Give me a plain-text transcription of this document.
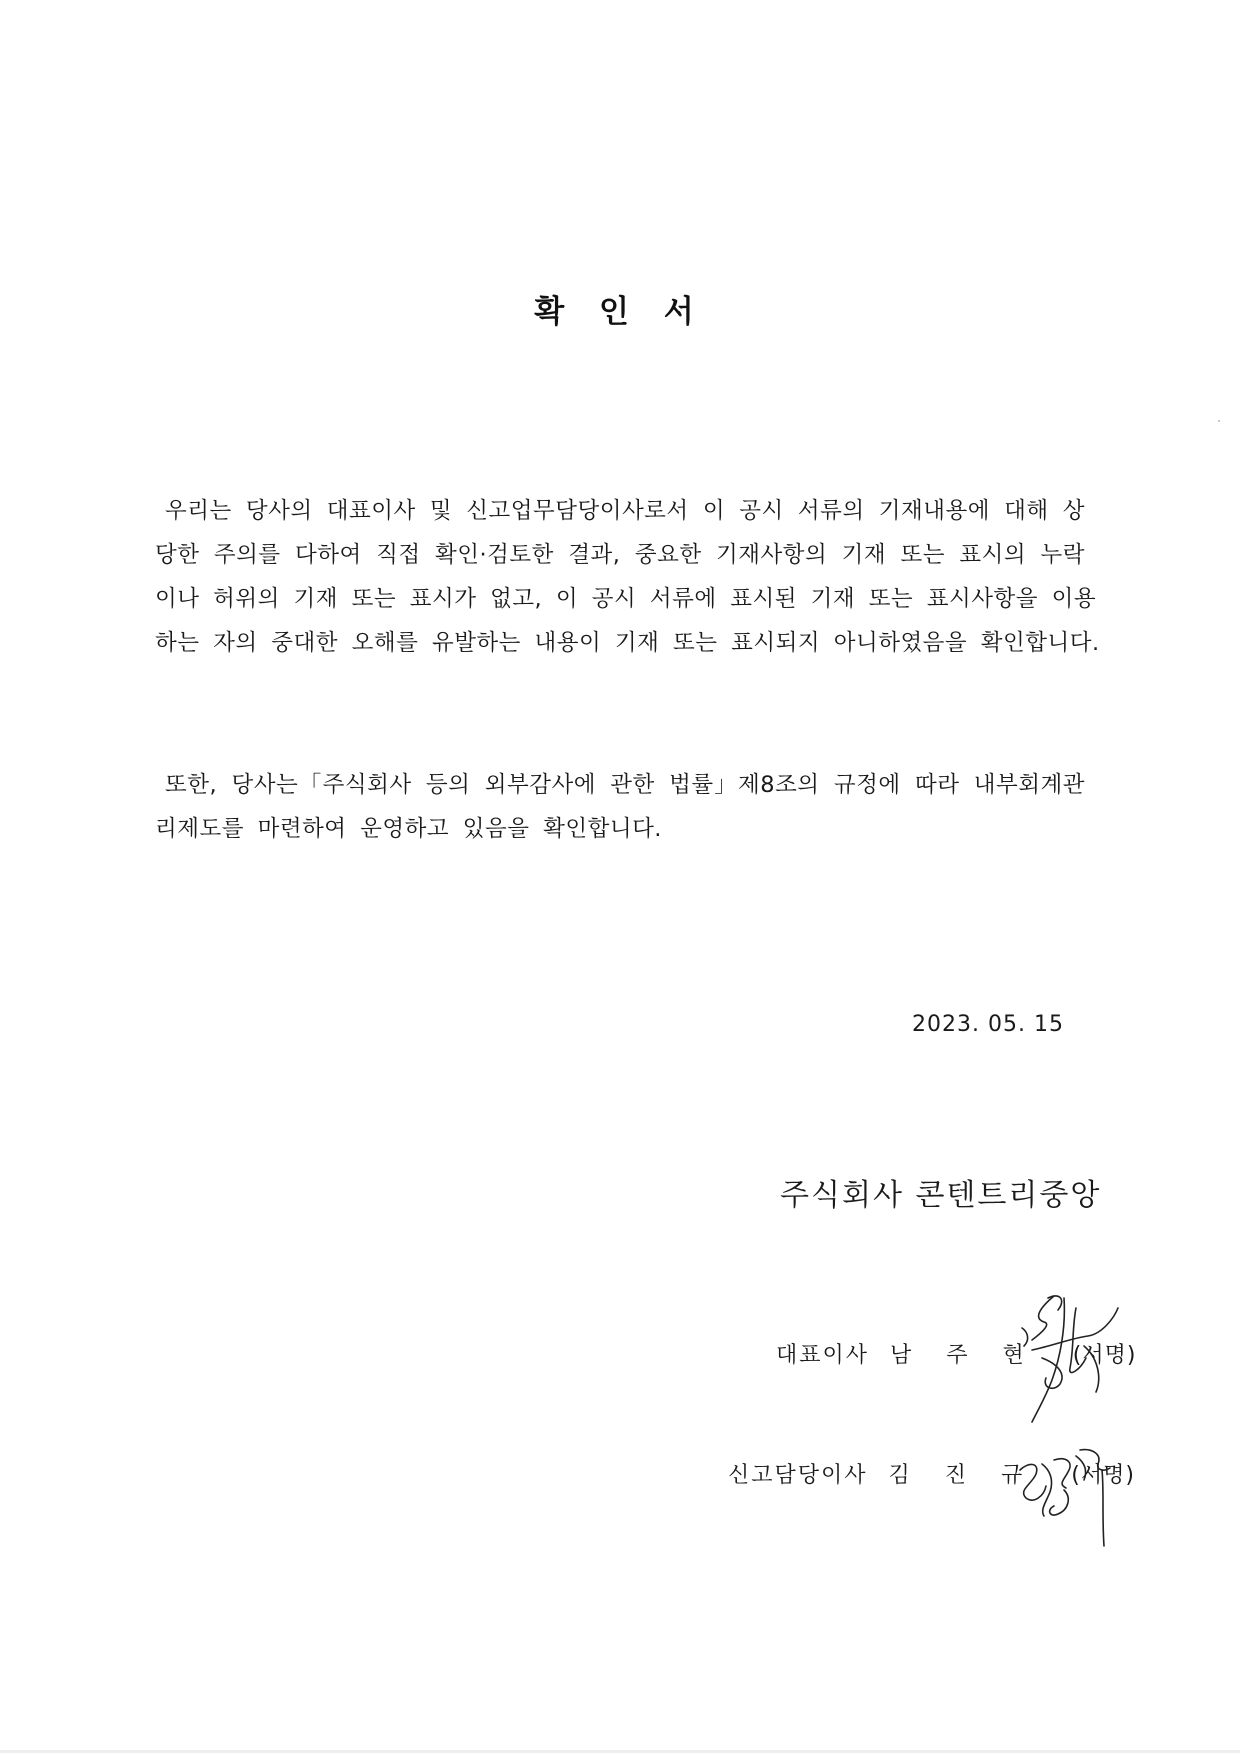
확 인 서
우리는 당사의 대표이사 및 신고업무담당이사로서 이 공시 서류의 기재내용에 대해 상
당한 주의를 다하여 직접 확인·검토한 결과, 중요한 기재사항의 기재 또는 표시의 누락
이나 허위의 기재 또는 표시가 없고, 이 공시 서류에 표시된 기재 또는 표시사항을 이용
하는 자의 중대한 오해를 유발하는 내용이 기재 또는 표시되지 아니하였음을 확인합니다.
또한, 당사는「주식회사 등의 외부감사에 관한 법률」제8조의 규정에 따라 내부회계관
리제도를 마련하여 운영하고 있음을 확인합니다.
2023. 05. 15
주식회사 콘텐트리중앙
대표이사 남 주 현 (서명)
신고담당이사 김 진 규 (서명)
